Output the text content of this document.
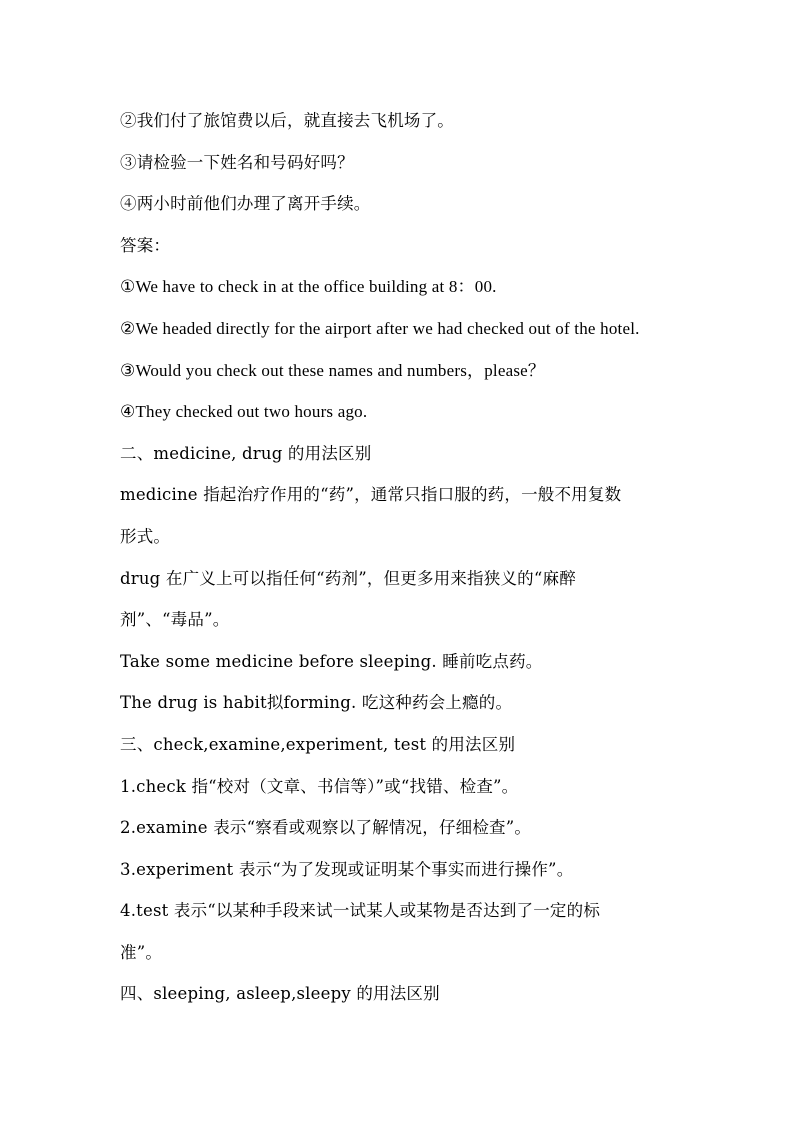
②我们付了旅馆费以后，就直接去飞机场了。
③请检验一下姓名和号码好吗？
④两小时前他们办理了离开手续。
答案：
①We have to check in at the office building at 8：00.
②We headed directly for the airport after we had checked out of the hotel.
③Would you check out these names and numbers，please？
④They checked out two hours ago.
二、medicine, drug 的用法区别
medicine 指起治疗作用的“药”，通常只指口服的药，一般不用复数
形式。
drug 在广义上可以指任何“药剂”，但更多用来指狭义的“麻醉
剂”、“毒品”。
Take some medicine before sleeping. 睡前吃点药。
The drug is habit拟forming. 吃这种药会上瘾的。
三、check,examine,experiment, test 的用法区别
1.check 指“校对（文章、书信等）”或“找错、检查”。
2.examine 表示“察看或观察以了解情况，仔细检查”。
3.experiment 表示“为了发现或证明某个事实而进行操作”。
4.test 表示“以某种手段来试一试某人或某物是否达到了一定的标
准”。
四、sleeping, asleep,sleepy 的用法区别
